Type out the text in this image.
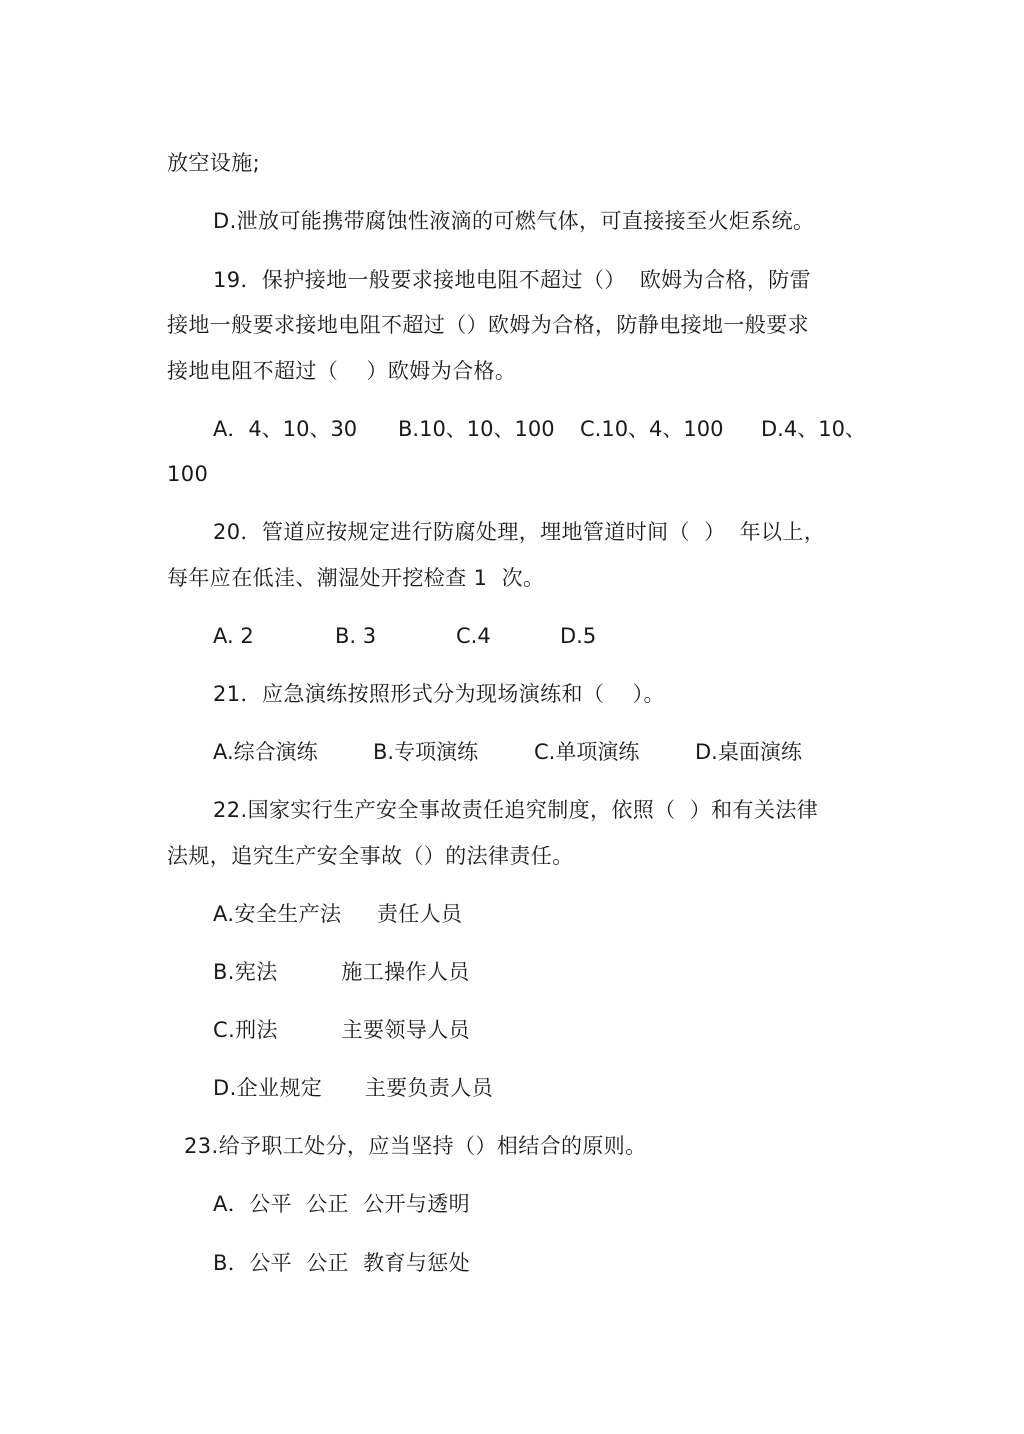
放空设施;
D.泄放可能携带腐蚀性液滴的可燃气体，可直接接至火炬系统。
19．保护接地一般要求接地电阻不超过（）  欧姆为合格，防雷
接地一般要求接地电阻不超过（）欧姆为合格，防静电接地一般要求
接地电阻不超过（    ）欧姆为合格。
A．4、10、30 B.10、10、100 C.10、4、100 D.4、10、
100
20．管道应按规定进行防腐处理，埋地管道时间（  ）  年以上，
每年应在低洼、潮湿处开挖检查 1  次。
A. 2	B. 3	C.4	D.5
21．应急演练按照形式分为现场演练和（    ）。
A.综合演练	B.专项演练	C.单项演练	D.桌面演练
22.国家实行生产安全事故责任追究制度，依照（  ）和有关法律
法规，追究生产安全事故（）的法律责任。
A.安全生产法     责任人员
B.宪法         施工操作人员
C.刑法         主要领导人员
D.企业规定      主要负责人员
23.给予职工处分，应当坚持（）相结合的原则。
A．公平  公正  公开与透明
B．公平  公正  教育与惩处
